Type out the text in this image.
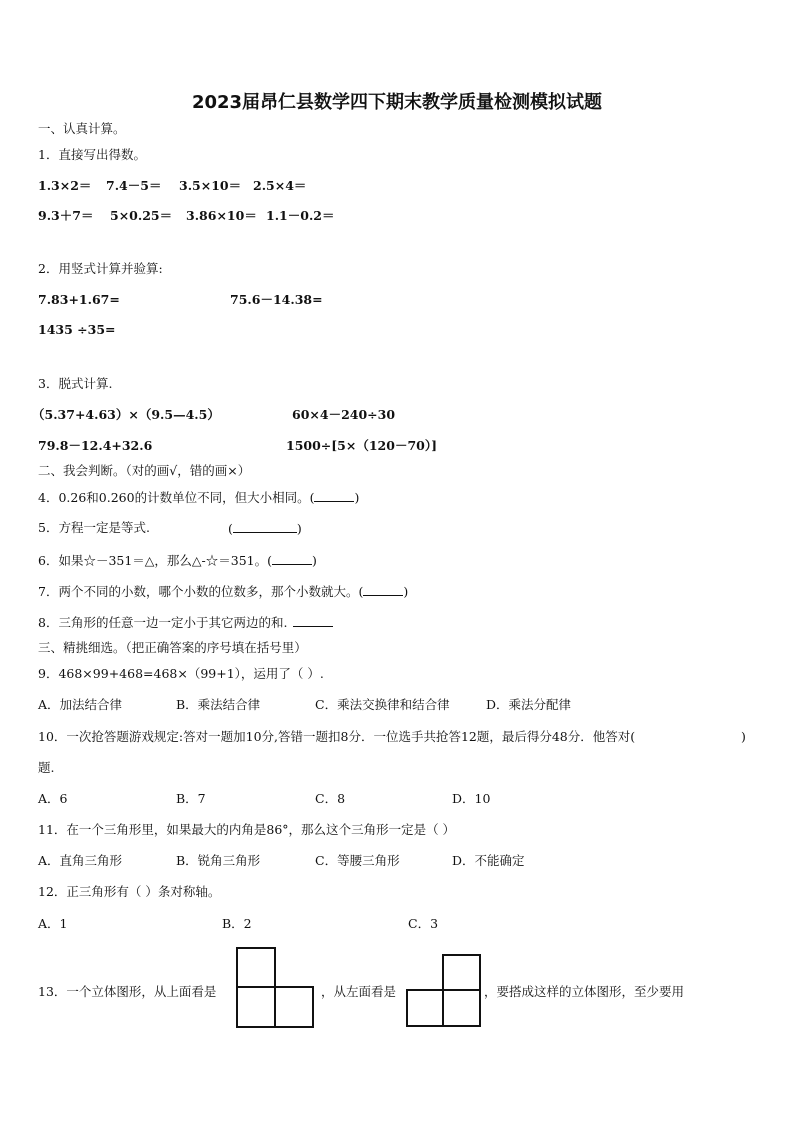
2023届昂仁县数学四下期末教学质量检测模拟试题
一、认真计算。
1．直接写出得数。
1.3×2＝ 7.4－5＝ 3.5×10＝ 2.5×4＝
9.3＋7＝ 5×0.25＝ 3.86×10＝ 1.1－0.2＝
2．用竖式计算并验算:
7.83+1.67=	75.6－14.38=
1435 ÷35=
3．脱式计算.
（5.37+4.63）×（9.5—4.5）	60×4－240÷30
79.8－12.4+32.6	1500÷[5×（120－70）]
二、我会判断。（对的画√，错的画×）
4．0.26和0.260的计数单位不同，但大小相同。(	)
5．方程一定是等式.	(	)
6．如果☆－351＝△，那么△-☆＝351。(	)
7．两个不同的小数，哪个小数的位数多，那个小数就大。(	)
8．三角形的任意一边一定小于其它两边的和.
三、精挑细选。（把正确答案的序号填在括号里）
9．468×99+468=468×（99+1），运用了（ ）.
A．加法结合律	B．乘法结合律	C．乘法交换律和结合律	D．乘法分配律
10．一次抢答题游戏规定:答对一题加10分,答错一题扣8分．一位选手共抢答12题，最后得分48分．他答对(	)
题.
A．6	B．7	C．8	D．10
11．在一个三角形里，如果最大的内角是86°，那么这个三角形一定是（ ）
A．直角三角形	B．锐角三角形	C．等腰三角形	D．不能确定
12．正三角形有（ ）条对称轴。
A．1	B．2	C．3
13．一个立体图形，从上面看是	，从左面看是	，要搭成这样的立体图形，至少要用
